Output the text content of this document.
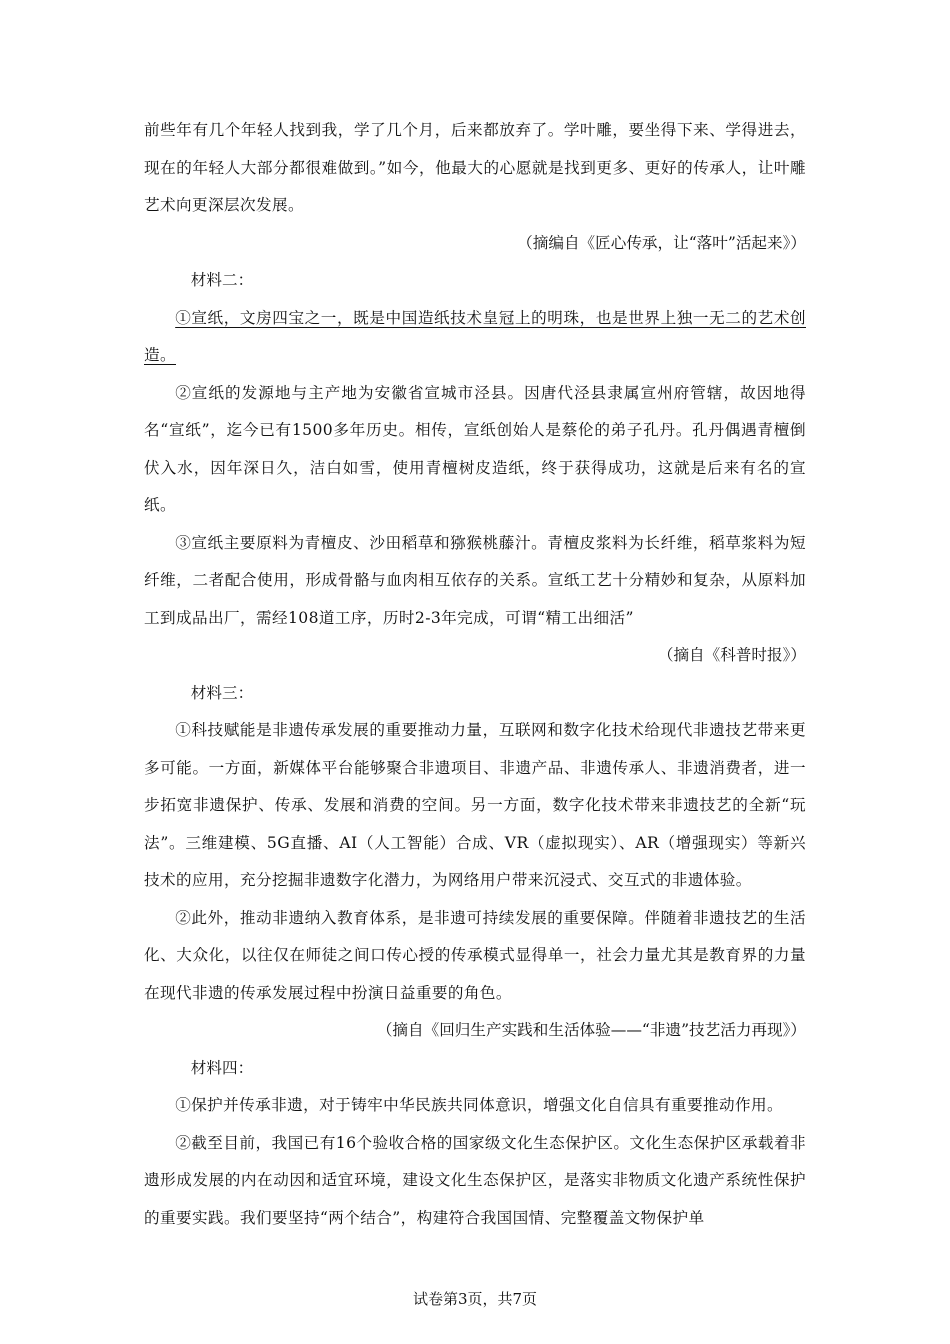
前些年有几个年轻人找到我，学了几个月，后来都放弃了。学叶雕，要坐得下来、学得进去，现在的年轻人大部分都很难做到。”如今，他最大的心愿就是找到更多、更好的传承人，让叶雕艺术向更深层次发展。

（摘编自《匠心传承，让“落叶”活起来》）

材料二：

①宣纸，文房四宝之一，既是中国造纸技术皇冠上的明珠，也是世界上独一无二的艺术创造。

②宣纸的发源地与主产地为安徽省宣城市泾县。因唐代泾县隶属宣州府管辖，故因地得名“宣纸”，迄今已有1500多年历史。相传，宣纸创始人是蔡伦的弟子孔丹。孔丹偶遇青檀倒伏入水，因年深日久，洁白如雪，使用青檀树皮造纸，终于获得成功，这就是后来有名的宣纸。

③宣纸主要原料为青檀皮、沙田稻草和猕猴桃藤汁。青檀皮浆料为长纤维，稻草浆料为短纤维，二者配合使用，形成骨骼与血肉相互依存的关系。宣纸工艺十分精妙和复杂，从原料加工到成品出厂，需经108道工序，历时2-3年完成，可谓“精工出细活”

（摘自《科普时报》）

材料三：

①科技赋能是非遗传承发展的重要推动力量，互联网和数字化技术给现代非遗技艺带来更多可能。一方面，新媒体平台能够聚合非遗项目、非遗产品、非遗传承人、非遗消费者，进一步拓宽非遗保护、传承、发展和消费的空间。另一方面，数字化技术带来非遗技艺的全新“玩法”。三维建模、5G直播、AI（人工智能）合成、VR（虚拟现实）、AR（增强现实）等新兴技术的应用，充分挖掘非遗数字化潜力，为网络用户带来沉浸式、交互式的非遗体验。

②此外，推动非遗纳入教育体系，是非遗可持续发展的重要保障。伴随着非遗技艺的生活化、大众化，以往仅在师徒之间口传心授的传承模式显得单一，社会力量尤其是教育界的力量在现代非遗的传承发展过程中扮演日益重要的角色。

（摘自《回归生产实践和生活体验——“非遗”技艺活力再现》）

材料四：

①保护并传承非遗，对于铸牢中华民族共同体意识，增强文化自信具有重要推动作用。

②截至目前，我国已有16个验收合格的国家级文化生态保护区。文化生态保护区承载着非遗形成发展的内在动因和适宜环境，建设文化生态保护区，是落实非物质文化遗产系统性保护的重要实践。我们要坚持“两个结合”，构建符合我国国情、完整覆盖文物保护单

试卷第3页，共7页
